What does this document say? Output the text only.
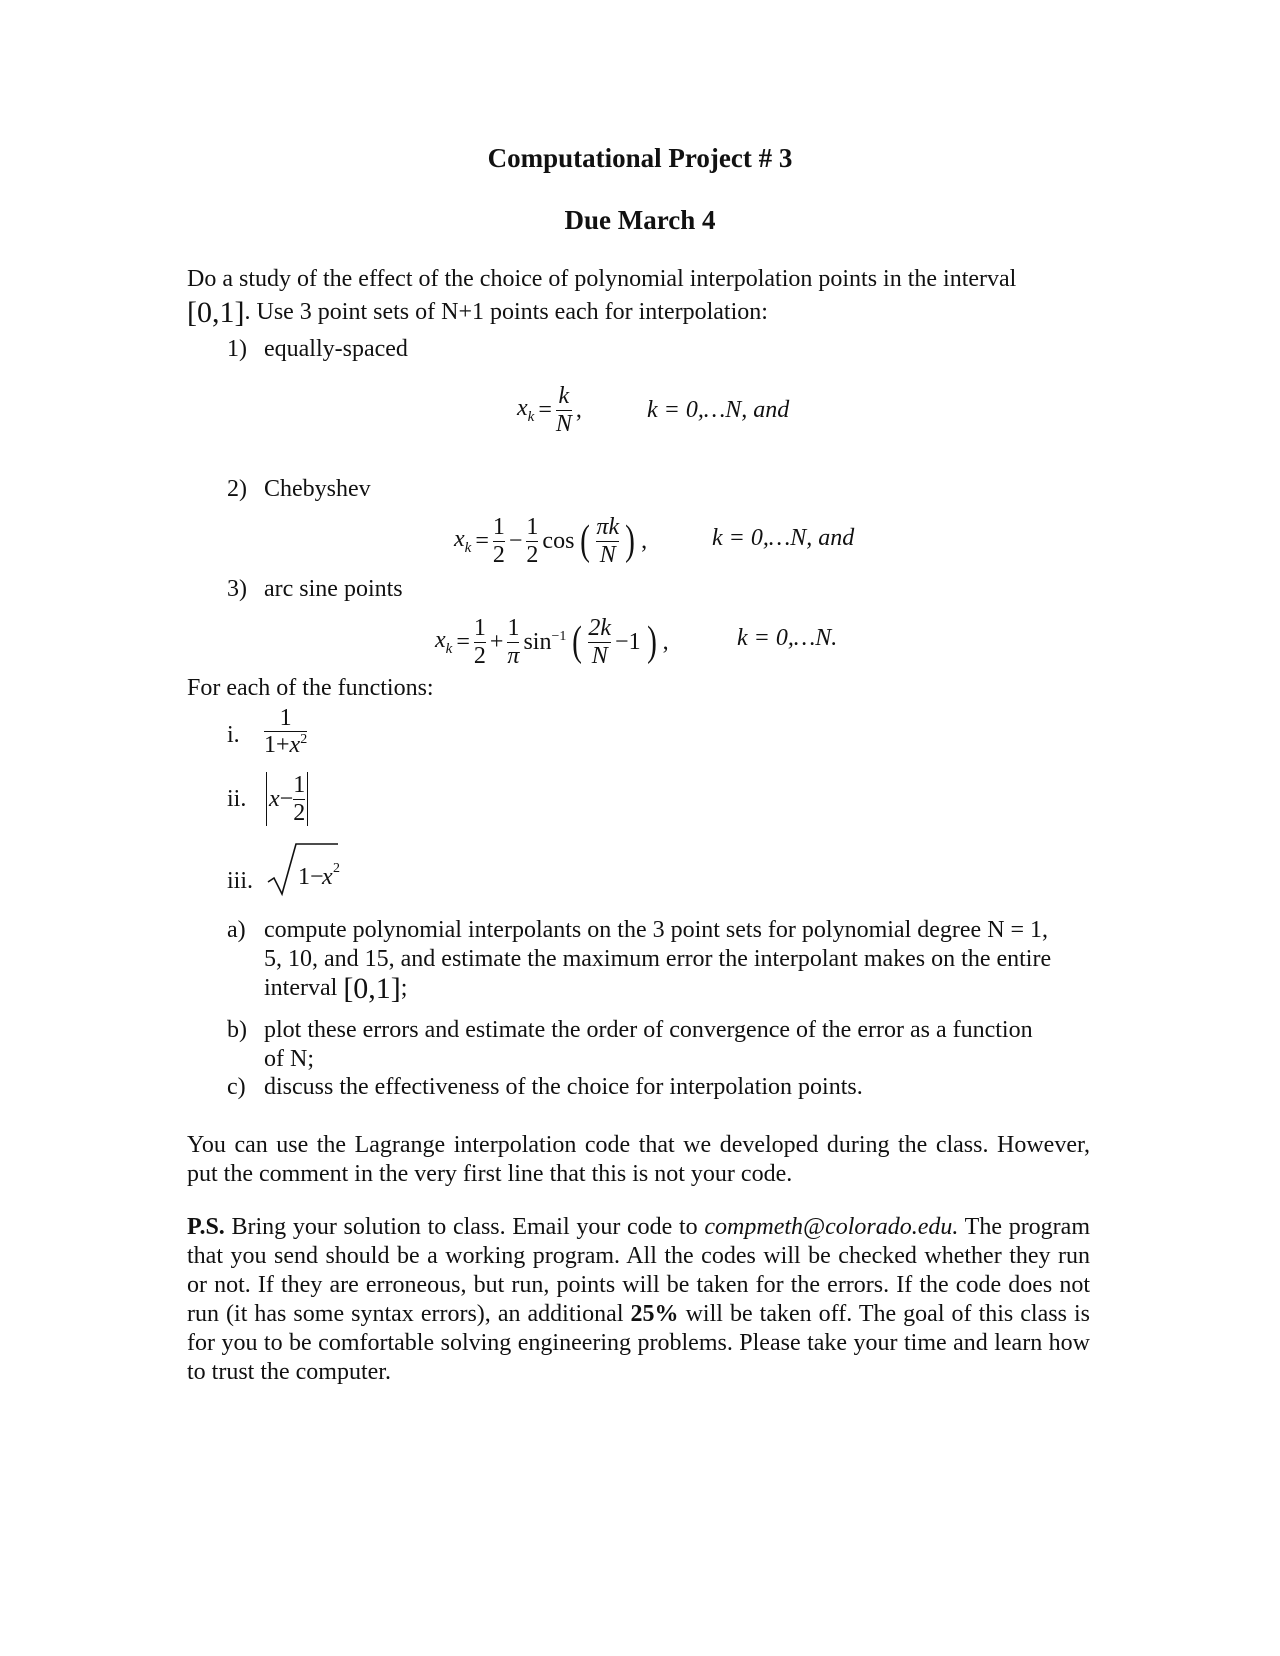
Computational Project # 3
Due March 4
Do a study of the effect of the choice of polynomial interpolation points in the interval
[0,1]. Use 3 point sets of N+1 points each for interpolation:
1) equally-spaced
$x_k = \frac{k}{N}$ ,	k = 0,…N, and
2) Chebyshev
$x_k = \frac{1}{2} - \frac{1}{2}$ cos ( $\frac{\pi k}{N}$ ) ,	k = 0,…N, and
3) arc sine points
$x_k = \frac{1}{2} + \frac{1}{\pi} \sin^{-1}$ ( $\frac{2k}{N} -1$ ) ,	k = 0,…N.
For each of the functions:
i. $\frac{1}{1+x^2}$
ii. $x - \frac{1}{2}$
iii. 1−
x 2
a) compute polynomial interpolants on the 3 point sets for polynomial degree N = 1,
5, 10, and 15, and estimate the maximum error the interpolant makes on the entire
interval [0,1];
b) plot these errors and estimate the order of convergence of the error as a function
of N;
c) discuss the effectiveness of the choice for interpolation points.
You can use the Lagrange interpolation code that we developed during the class. However, put the comment in the very first line that this is not your code.
P.S. Bring your solution to class. Email your code to compmeth@colorado.edu. The program that you send should be a working program. All the codes will be checked whether they run or not. If they are erroneous, but run, points will be taken for the errors. If the code does not run (it has some syntax errors), an additional 25% will be taken off. The goal of this class is for you to be comfortable solving engineering problems. Please take your time and learn how to trust the computer.
